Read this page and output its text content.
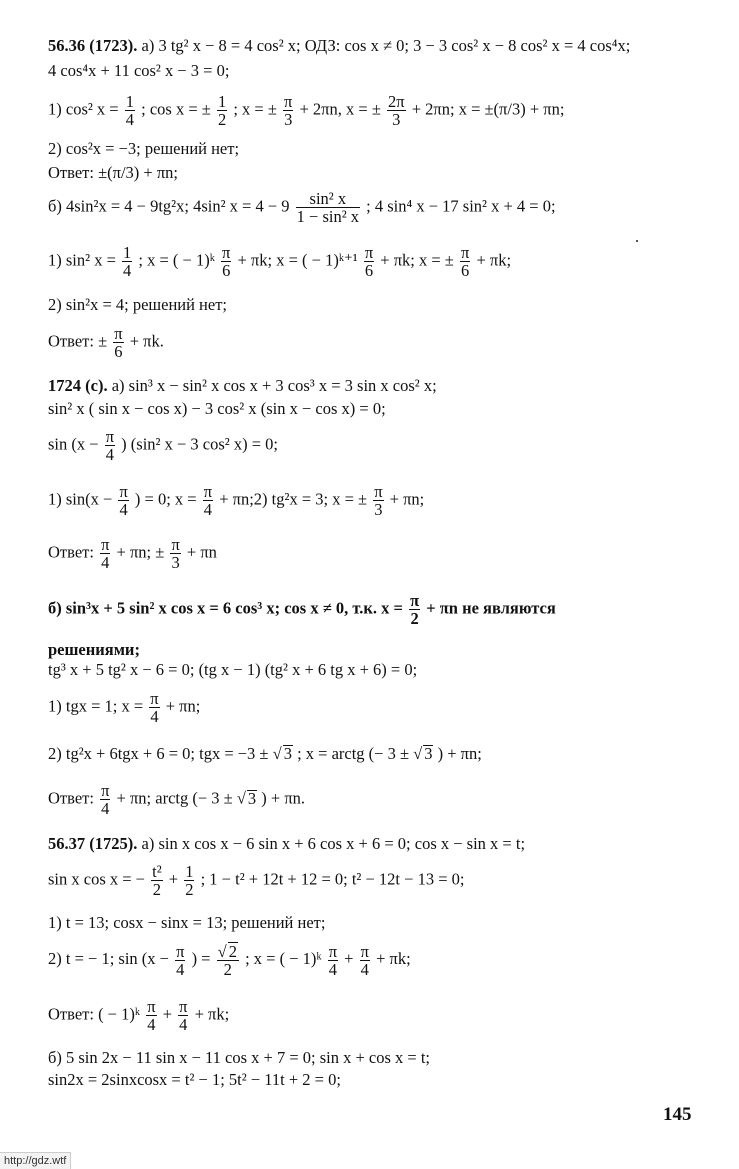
56.36 (1723). а) 3 tg² x − 8 = 4 cos² x; ОДЗ: cos x ≠ 0; 3 − 3 cos² x − 8 cos² x = 4 cos⁴x;
4 cos⁴x + 11 cos² x − 3 = 0;
1) cos² $x = \frac{1}{4}$ ; cos x = ± $\frac{1}{2}$ ; x = ± $\frac{\pi}{3} + 2\pi n$, x = ± $\frac{2\pi}{3} + 2\pi n$; x = ±(π/3) + πn;
2) cos²x = −3; решений нет;
Ответ: ±(π/3) + πn;
б) 4sin²x = 4 − 9tg²x; 4sin² $x = 4 - 9 \frac{\text{sin² x}}{\text{1 − sin² x}}$ ; 4 sin⁴ x − 17 sin² x + 4 = 0;
1) sin² $x = \frac{1}{4}$ ; x = ( − 1)ᵏ $\frac{\pi}{6} + \pi k$; x = ( − 1)ᵏ⁺¹ $\frac{\pi}{6} + \pi k$; x = ± $\frac{\pi}{6} + \pi k$;
2) sin²x = 4; решений нет;
Ответ: ± $\frac{\pi}{6} + \pi k$.
1724 (с). а) sin³ x − sin² x cos x + 3 cos³ x = 3 sin x cos² x;
sin² x ( sin x − cos x) − 3 cos² x (sin x − cos x) = 0;
$\sin (x - \frac{\pi}{4}$ ) (sin² x − 3 cos² x) = 0;
1) $\sin(x - \frac{\pi}{4}$ ) = 0; $x = \frac{\pi}{4}$ + πn;2) tg²x = 3; x = ± $\frac{\pi}{3} + \pi n$;
Ответ: $\frac{\pi}{4} + \pi n$; ± $\frac{\pi}{3} + \pi n$
б) sin³x + 5 sin² x cos x = 6 cos³ x; cos x ≠ 0, т.к. $x = \frac{\pi}{2} + \pi n$ не являются
решениями;
tg³ x + 5 tg² x − 6 = 0; (tg x − 1) (tg² x + 6 tg x + 6) = 0;
1) tgx = 1; $x = \frac{\pi}{4} + \pi n$;
2) tg²x + 6tgx + 6 = 0; tgx = −3 ± √ 3 ; x = arctg (− 3 ± √ 3 ) + πn;
Ответ: $\frac{\pi}{4} + \pi n$; arctg (− 3 ± √ 3 ) + πn.
56.37 (1725). а) sin x cos x − 6 sin x + 6 cos x + 6 = 0; cos x − sin x = t;
sin x cos x = − $\frac{\text{t²}}{2} + \frac{1}{2}$ ; 1 − t² + 12t + 12 = 0; t² − 12t − 13 = 0;
1) t = 13; cosx − sinx = 13; решений нет;
2) t = − 1; $\sin (x - \frac{\pi}{4}$ ) = $\frac{√ 2}{2}$ ; x = ( − 1)ᵏ $\frac{\pi}{4} + \frac{\pi}{4} + \pi k$;
Ответ: ( − 1)ᵏ $\frac{\pi}{4} + \frac{\pi}{4} + \pi k$;
б) 5 sin 2x − 11 sin x − 11 cos x + 7 = 0; sin x + cos x = t;
sin2x = 2sinxcosx = t² − 1; 5t² − 11t + 2 = 0;
145
http://gdz.wtf
